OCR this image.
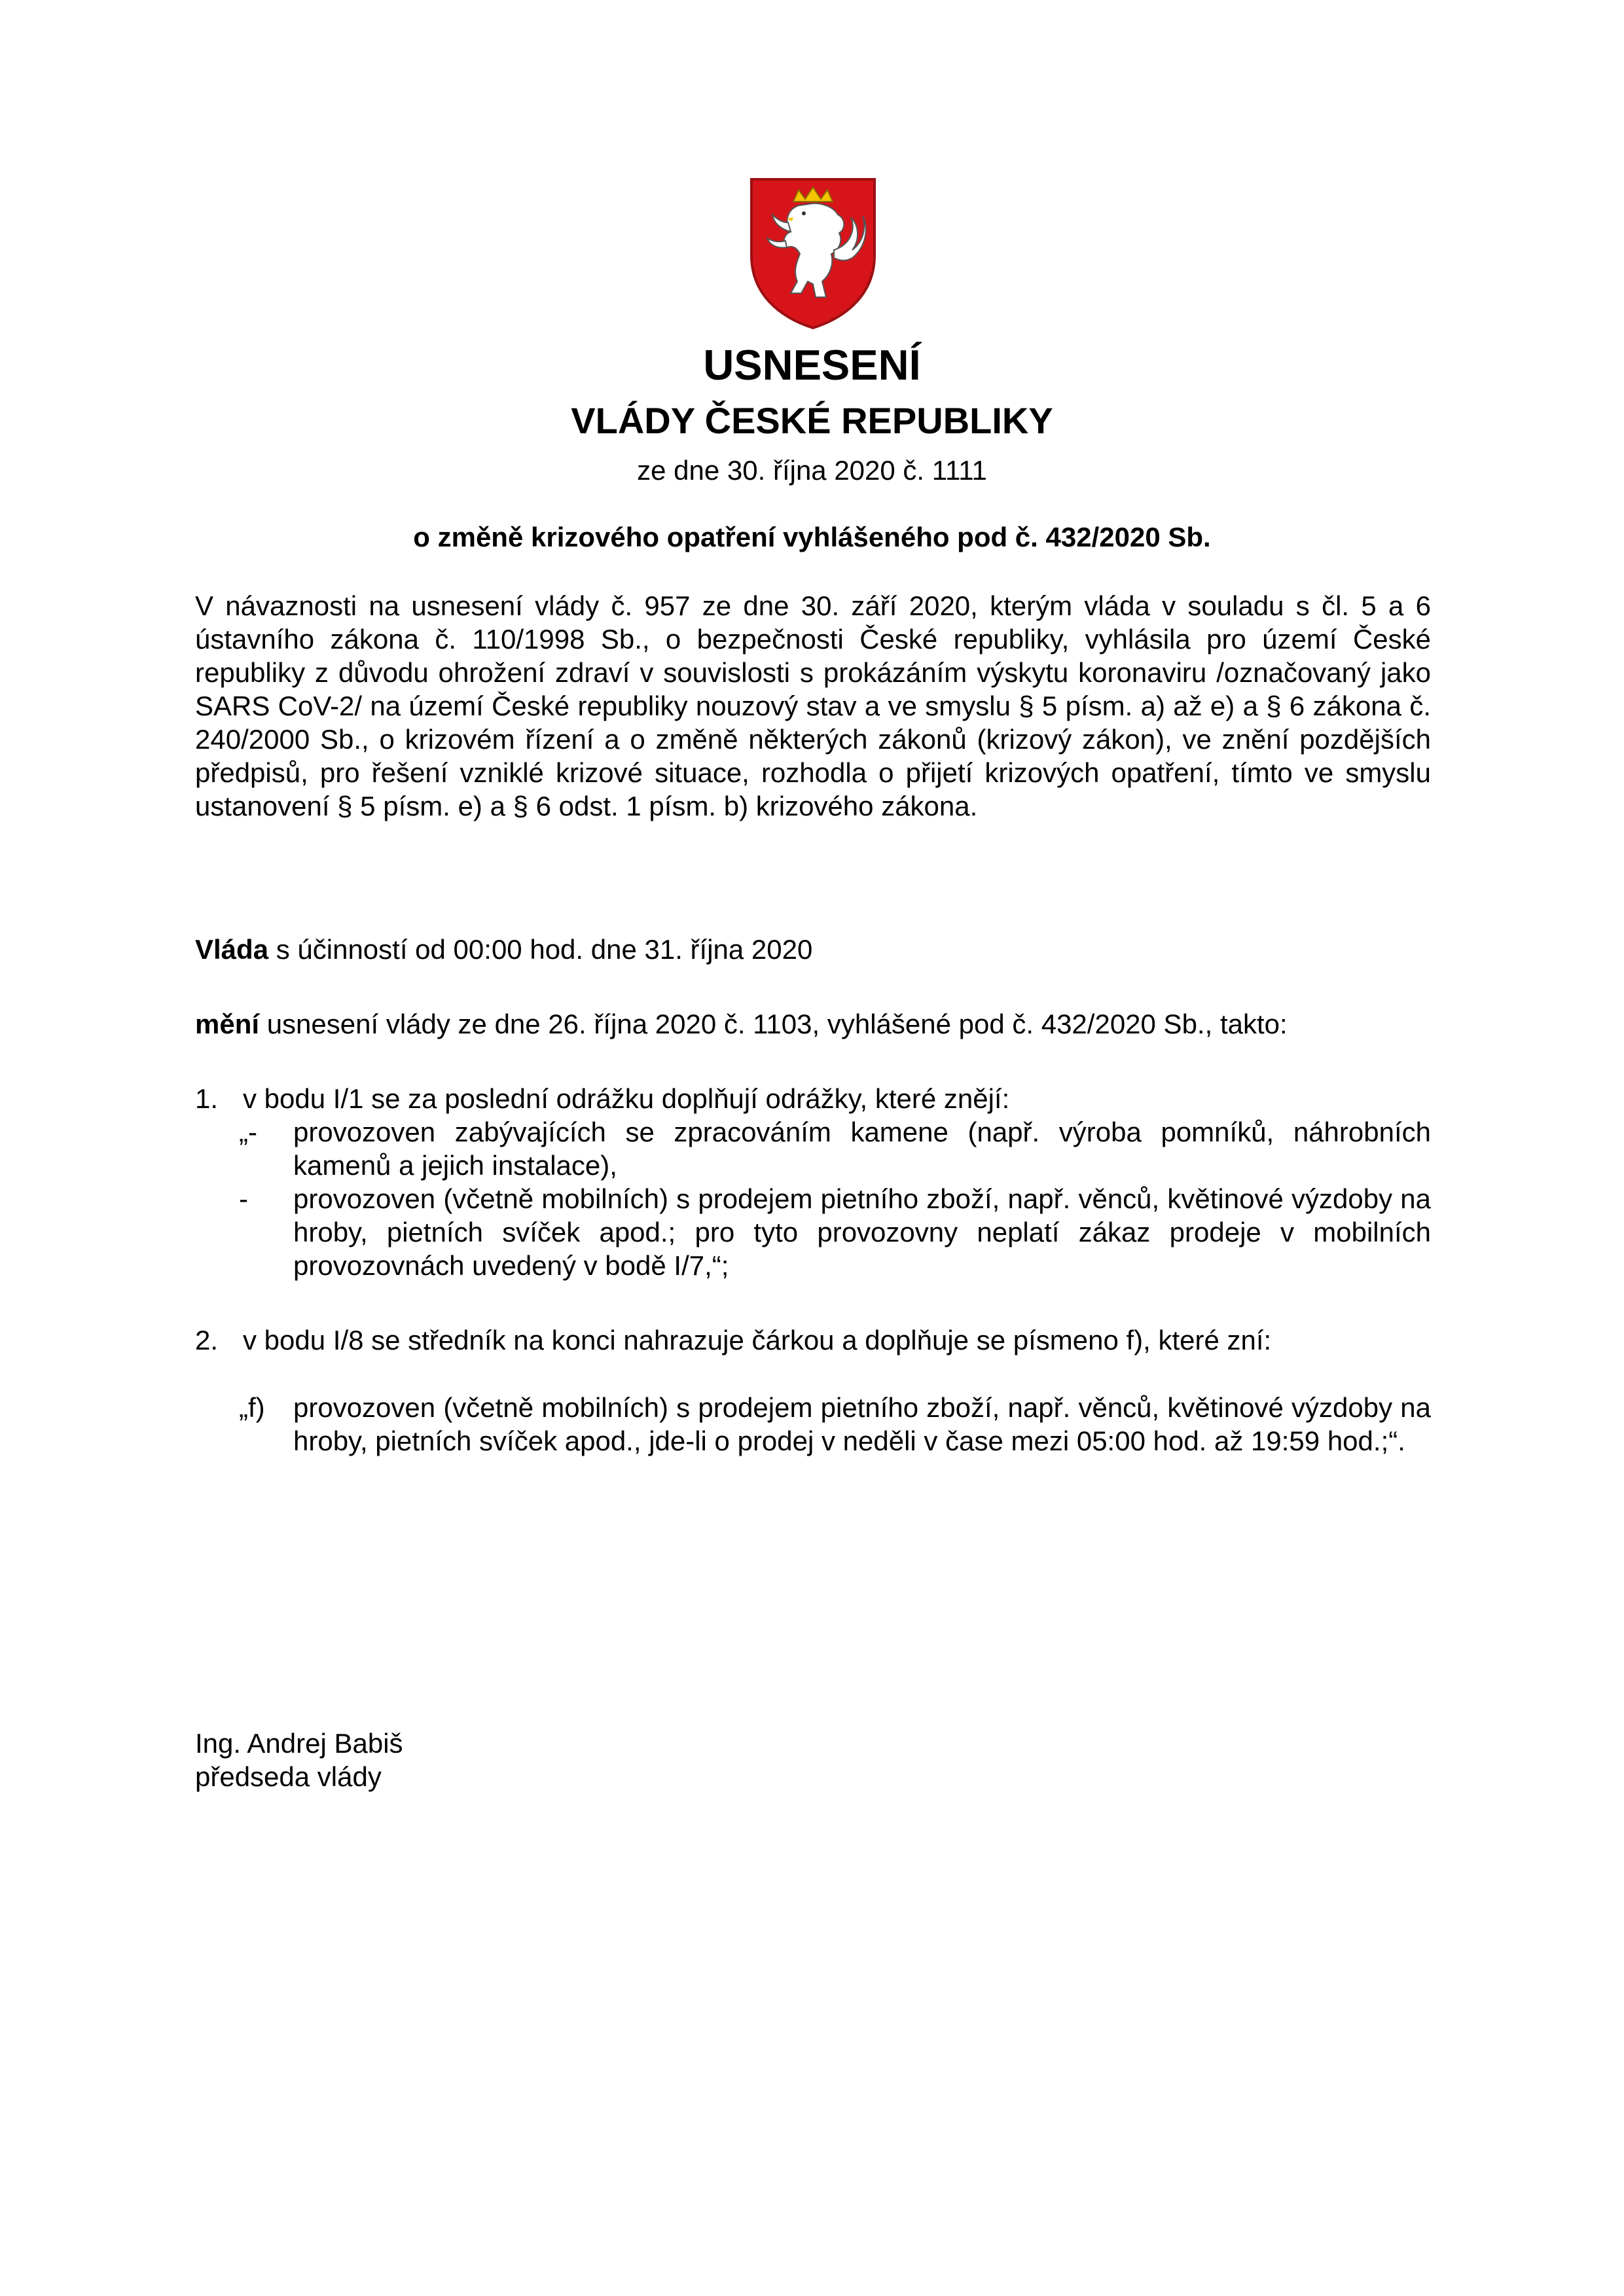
USNESENÍ
VLÁDY ČESKÉ REPUBLIKY
ze dne 30. října 2020 č. 1111
o změně krizového opatření vyhlášeného pod č. 432/2020 Sb.
V návaznosti na usnesení vlády č. 957 ze dne 30. září 2020, kterým vláda v souladu s čl. 5 a 6 ústavního zákona č. 110/1998 Sb., o bezpečnosti České republiky, vyhlásila pro území České republiky z důvodu ohrožení zdraví v souvislosti s prokázáním výskytu koronaviru /označovaný jako SARS CoV-2/ na území České republiky nouzový stav a ve smyslu § 5 písm. a) až e) a § 6 zákona č. 240/2000 Sb., o krizovém řízení a o změně některých zákonů (krizový zákon), ve znění pozdějších předpisů, pro řešení vzniklé krizové situace, rozhodla o přijetí krizových opatření, tímto ve smyslu ustanovení § 5 písm. e) a § 6 odst. 1 písm. b) krizového zákona.
Vláda s účinností od 00:00 hod. dne 31. října 2020
mění usnesení vlády ze dne 26. října 2020 č. 1103, vyhlášené pod č. 432/2020 Sb., takto:
1. v bodu I/1 se za poslední odrážku doplňují odrážky, které znějí:
„-	provozoven zabývajících se zpracováním kamene (např. výroba pomníků, náhrobních kamenů a jejich instalace),
-	provozoven (včetně mobilních) s prodejem pietního zboží, např. věnců, květinové výzdoby na hroby, pietních svíček apod.; pro tyto provozovny neplatí zákaz prodeje v mobilních provozovnách uvedený v bodě I/7,“;
2. v bodu I/8 se středník na konci nahrazuje čárkou a doplňuje se písmeno f), které zní:
„f)	provozoven (včetně mobilních) s prodejem pietního zboží, např. věnců, květinové výzdoby na hroby, pietních svíček apod., jde-li o prodej v neděli v čase mezi 05:00 hod. až 19:59 hod.;“.
Ing. Andrej Babiš
předseda vlády
